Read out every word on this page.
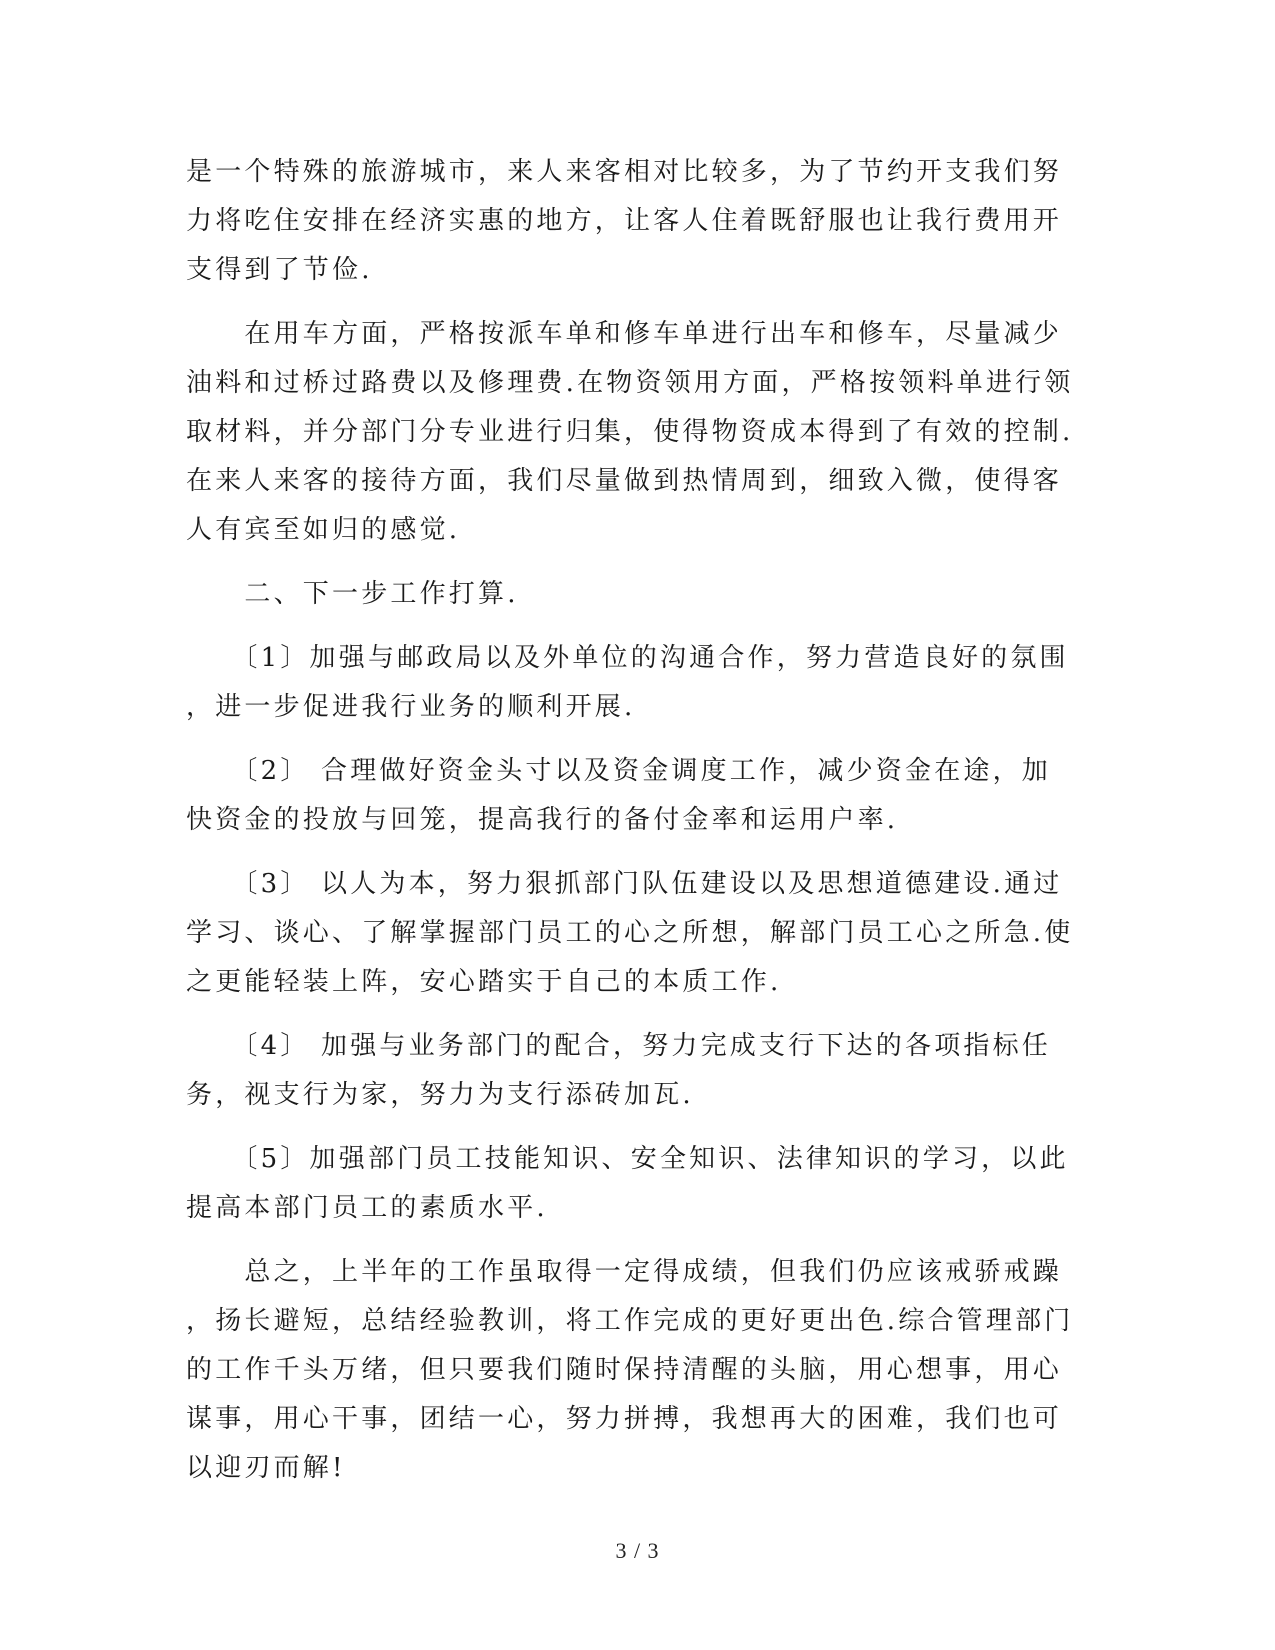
是一个特殊的旅游城市，来人来客相对比较多，为了节约开支我们努
力将吃住安排在经济实惠的地方，让客人住着既舒服也让我行费用开
支得到了节俭.

　　在用车方面，严格按派车单和修车单进行出车和修车，尽量减少
油料和过桥过路费以及修理费.在物资领用方面，严格按领料单进行领
取材料，并分部门分专业进行归集，使得物资成本得到了有效的控制.
在来人来客的接待方面，我们尽量做到热情周到，细致入微，使得客
人有宾至如归的感觉.

　　二、下一步工作打算.

　　〔1〕加强与邮政局以及外单位的沟通合作，努力营造良好的氛围
，进一步促进我行业务的顺利开展.

　　〔2〕 合理做好资金头寸以及资金调度工作，减少资金在途，加
快资金的投放与回笼，提高我行的备付金率和运用户率.

　　〔3〕 以人为本，努力狠抓部门队伍建设以及思想道德建设.通过
学习、谈心、了解掌握部门员工的心之所想，解部门员工心之所急.使
之更能轻装上阵，安心踏实于自己的本质工作.

　　〔4〕 加强与业务部门的配合，努力完成支行下达的各项指标任
务，视支行为家，努力为支行添砖加瓦.

　　〔5〕加强部门员工技能知识、安全知识、法律知识的学习，以此
提高本部门员工的素质水平.

　　总之，上半年的工作虽取得一定得成绩，但我们仍应该戒骄戒躁
，扬长避短，总结经验教训，将工作完成的更好更出色.综合管理部门
的工作千头万绪，但只要我们随时保持清醒的头脑，用心想事，用心
谋事，用心干事，团结一心，努力拼搏，我想再大的困难，我们也可
以迎刃而解!

3 / 3
